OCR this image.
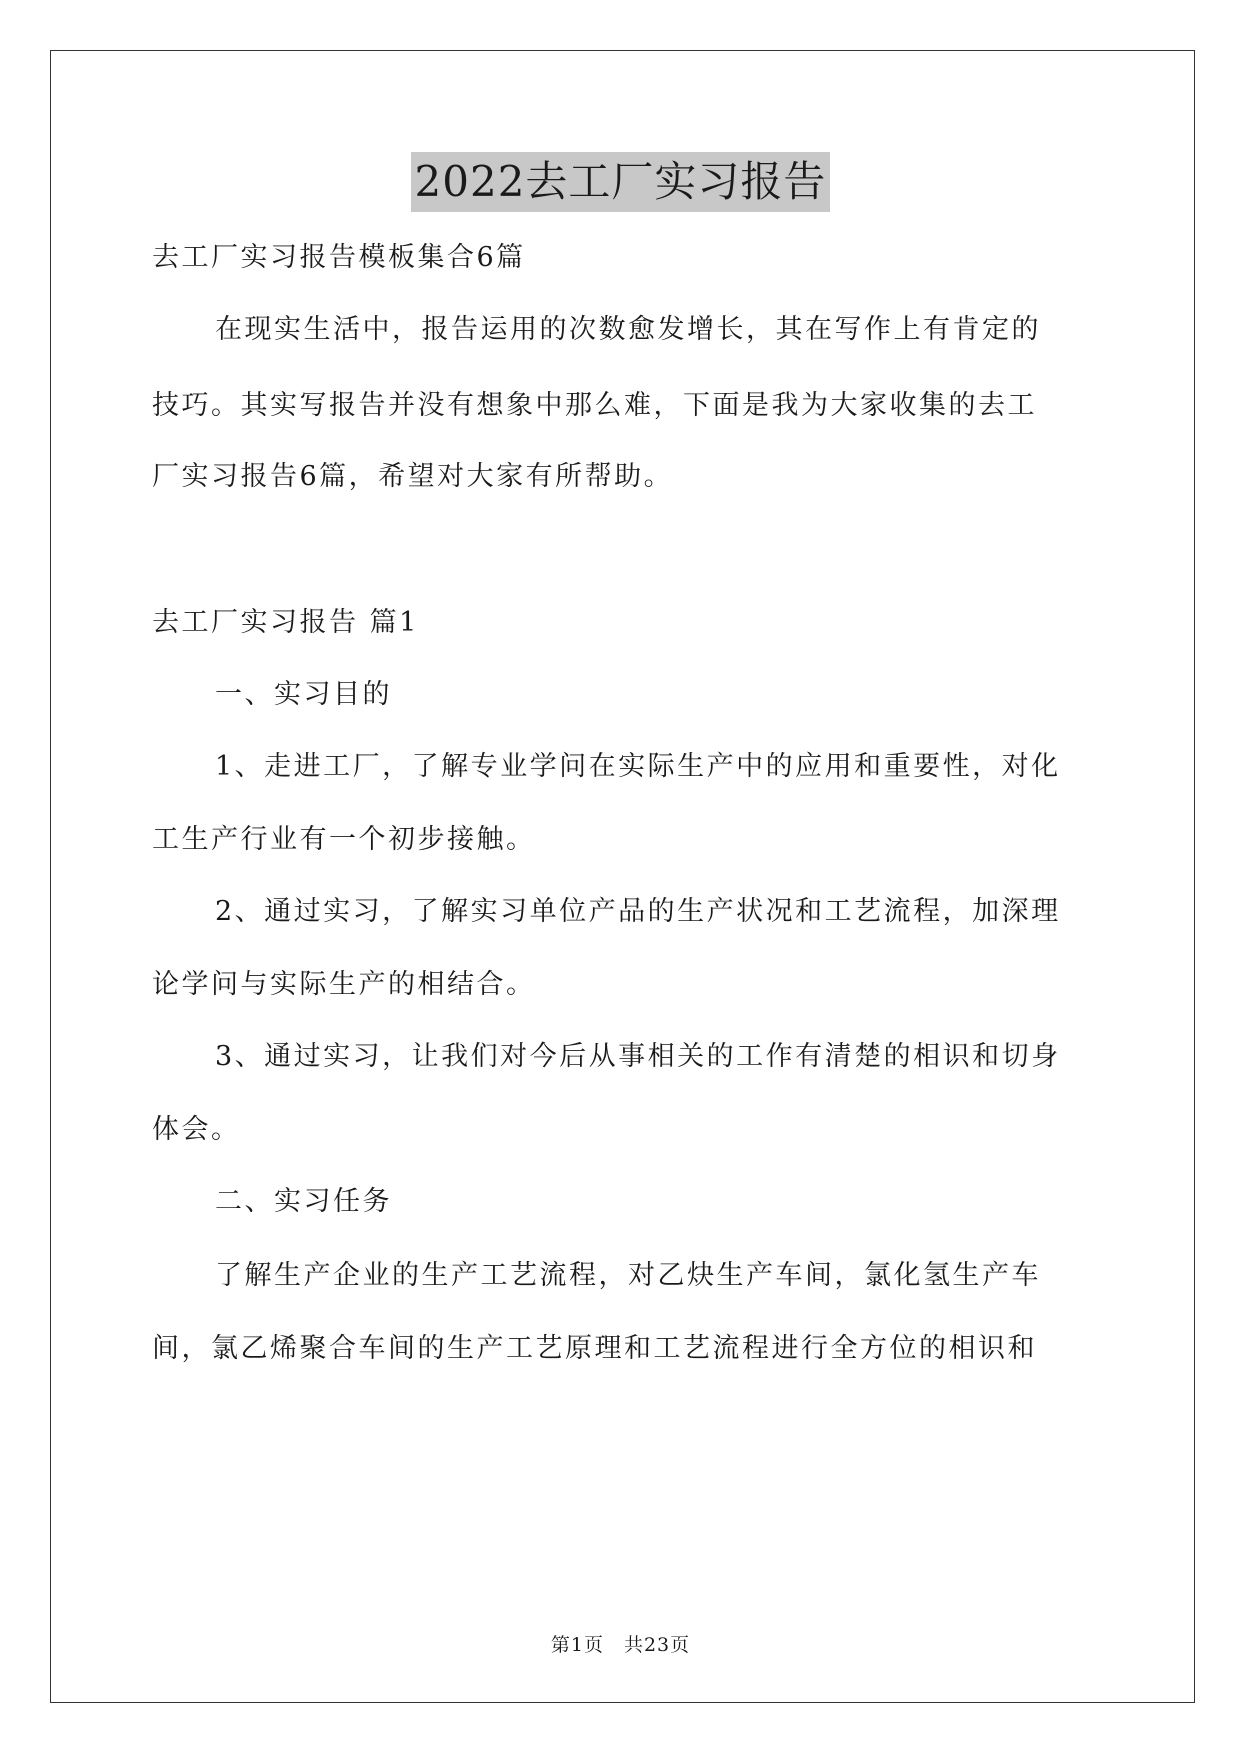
2022去工厂实习报告
去工厂实习报告模板集合6篇
在现实生活中，报告运用的次数愈发增长，其在写作上有肯定的
技巧。其实写报告并没有想象中那么难，下面是我为大家收集的去工
厂实习报告6篇，希望对大家有所帮助。
去工厂实习报告 篇1
一、实习目的
1、走进工厂，了解专业学问在实际生产中的应用和重要性，对化
工生产行业有一个初步接触。
2、通过实习，了解实习单位产品的生产状况和工艺流程，加深理
论学问与实际生产的相结合。
3、通过实习，让我们对今后从事相关的工作有清楚的相识和切身
体会。
二、实习任务
了解生产企业的生产工艺流程，对乙炔生产车间，氯化氢生产车
间，氯乙烯聚合车间的生产工艺原理和工艺流程进行全方位的相识和
第1页　共23页
